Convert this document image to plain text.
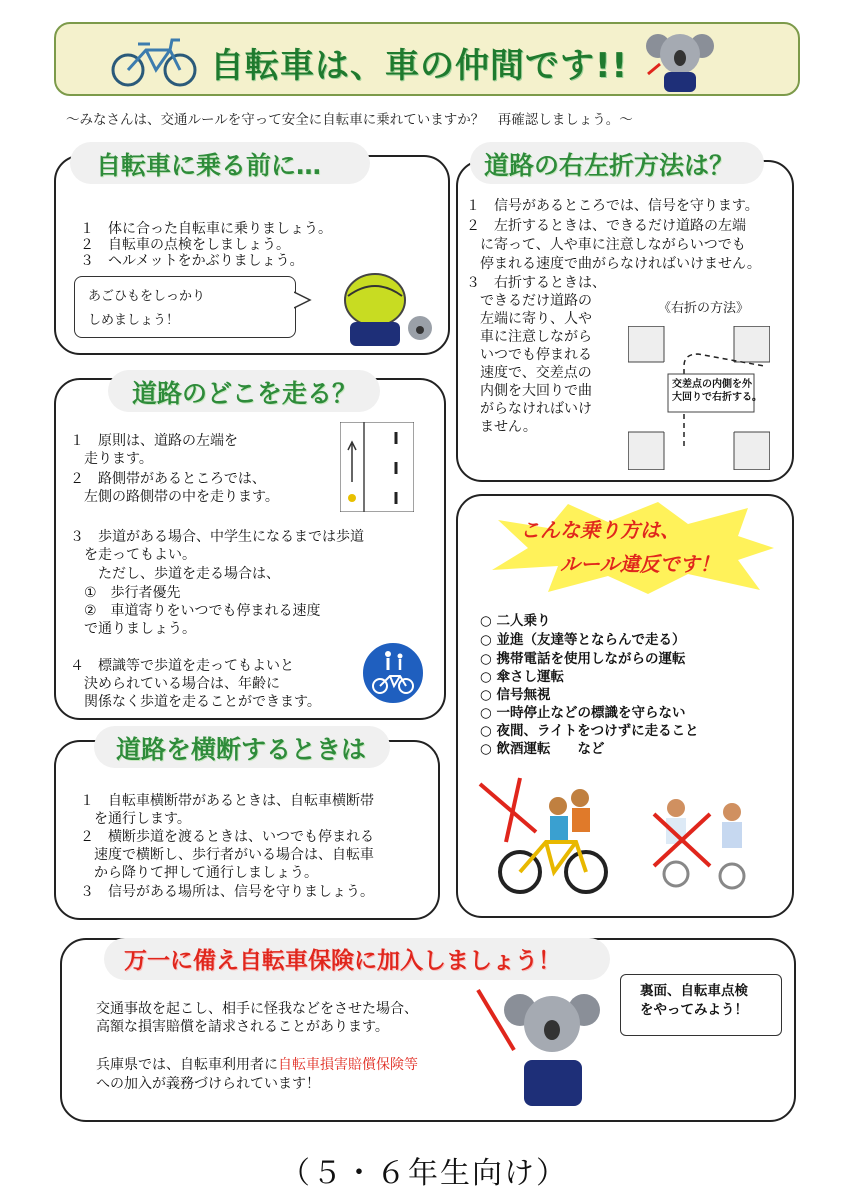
自転車は、車の仲間です!!
～みなさんは、交通ルールを守って安全に自転車に乗れていますか？　再確認しましょう。～
自転車に乗る前に…
１　体に合った自転車に乗りましょう。
２　自転車の点検をしましょう。
３　ヘルメットをかぶりましょう。
あごひもをしっかり
しめましょう！
道路の右左折方法は？
１　信号があるところでは、信号を守ります。
２　左折するときは、できるだけ道路の左端
　に寄って、人や車に注意しながらいつでも
　停まれる速度で曲がらなければいけません。
３　右折するときは、
　できるだけ道路の
　左端に寄り、人や
　車に注意しながら
　いつでも停まれる
　速度で、交差点の
　内側を大回りで曲
　がらなければいけ
　ません。
《右折の方法》
交差点の内側を外
大回りで右折する。
道路のどこを走る？
１　原則は、道路の左端を
　走ります。
２　路側帯があるところでは、
　左側の路側帯の中を走ります。
３　歩道がある場合、中学生になるまでは歩道
　を走ってもよい。
　　ただし、歩道を走る場合は、
　①　歩行者優先
　②　車道寄りをいつでも停まれる速度
　で通りましょう。
４　標識等で歩道を走ってもよいと
　決められている場合は、年齢に
　関係なく歩道を走ることができます。
こんな乗り方は、
ルール違反です！
○ 二人乗り
○ 並進（友達等とならんで走る）
○ 携帯電話を使用しながらの運転
○ 傘さし運転
○ 信号無視
○ 一時停止などの標識を守らない
○ 夜間、ライトをつけずに走ること
○ 飲酒運転　　など
道路を横断するときは
１　自転車横断帯があるときは、自転車横断帯
　を通行します。
２　横断歩道を渡るときは、いつでも停まれる
　速度で横断し、歩行者がいる場合は、自転車
　から降りて押して通行しましょう。
３　信号がある場所は、信号を守りましょう。
万一に備え自転車保険に加入しましょう！
交通事故を起こし、相手に怪我などをさせた場合、
高額な損害賠償を請求されることがあります。
兵庫県では、自転車利用者に自転車損害賠償保険等
への加入が義務づけられています！
裏面、自転車点検
をやってみよう！
（５・６年生向け）
